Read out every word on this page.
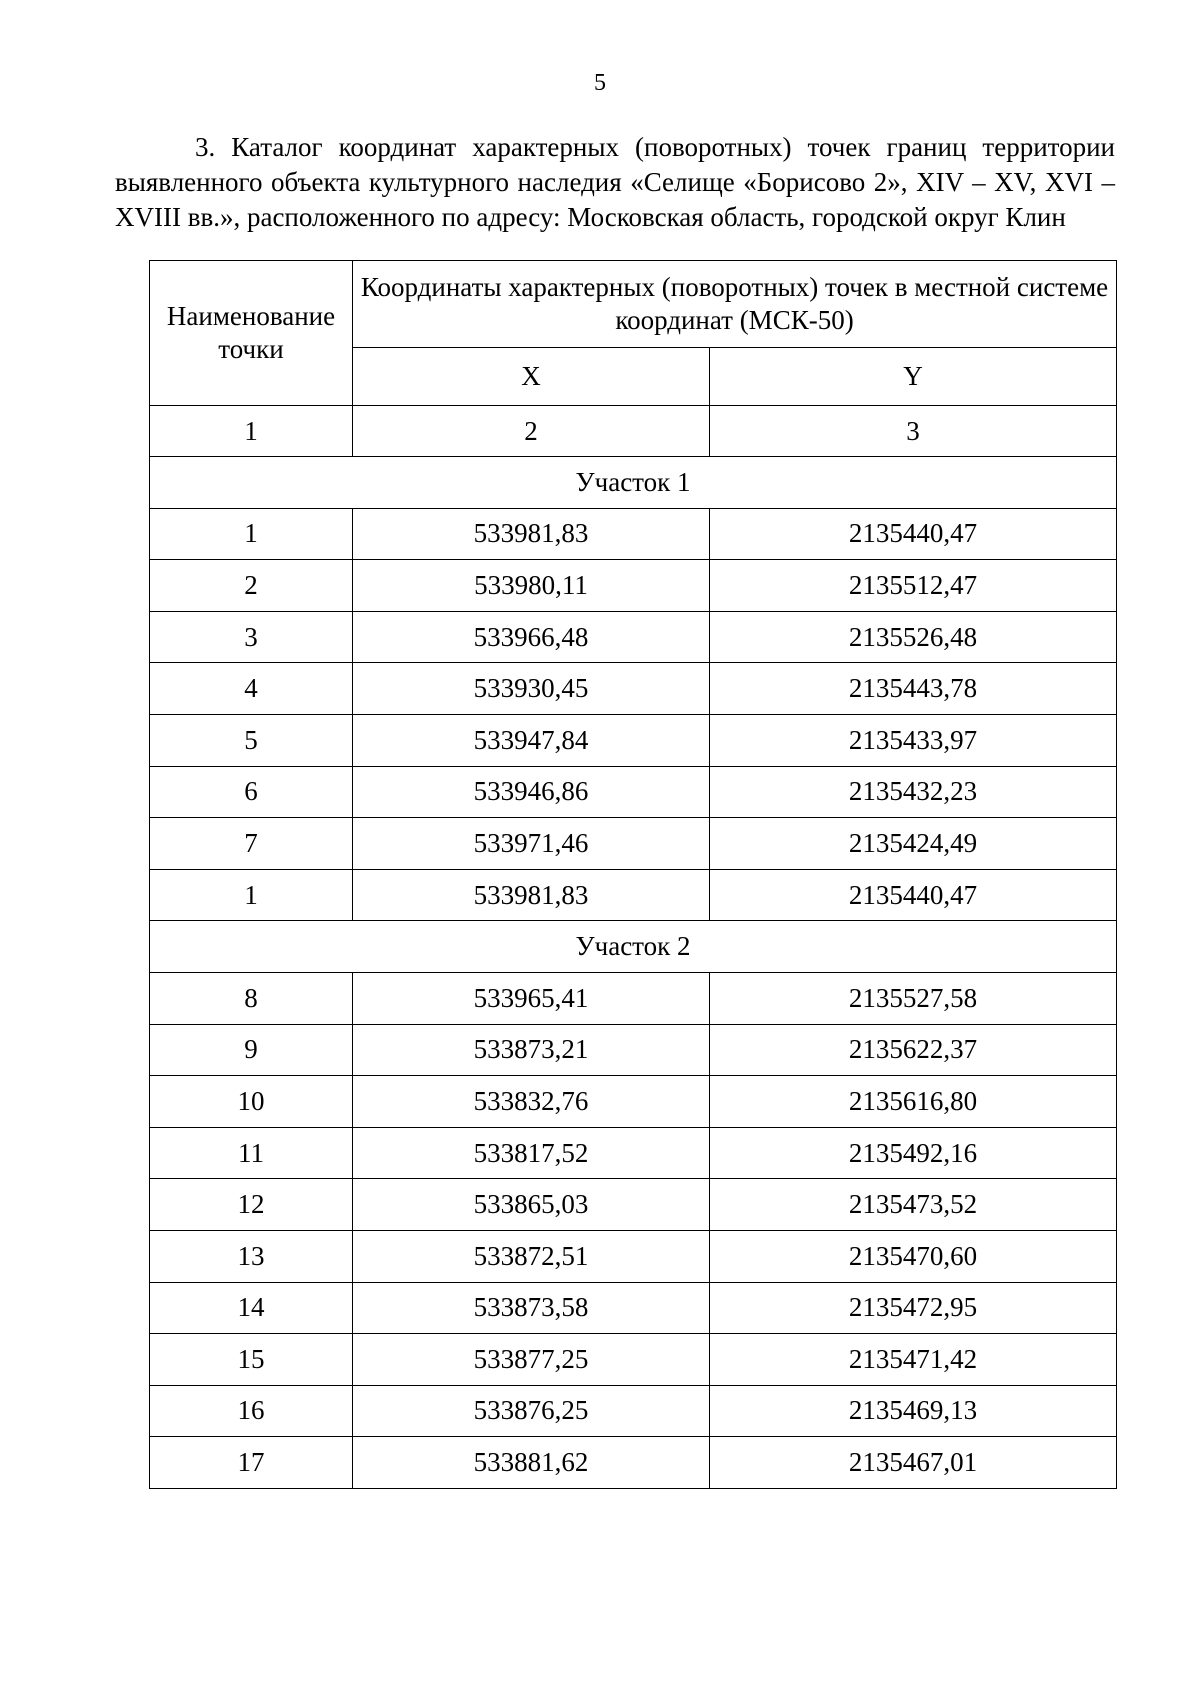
5
3. Каталог координат характерных (поворотных) точек границ территории выявленного объекта культурного наследия «Селище «Борисово 2», XIV – XV, XVI – XVIII вв.», расположенного по адресу: Московская область, городской округ Клин
Наименование точки	Координаты характерных (поворотных) точек в местной системе координат (МСК-50)	

	X	Y
1	2	3
Участок 1		
1	533981,83	2135440,47
2	533980,11	2135512,47
3	533966,48	2135526,48
4	533930,45	2135443,78
5	533947,84	2135433,97
6	533946,86	2135432,23
7	533971,46	2135424,49
1	533981,83	2135440,47
Участок 2		
8	533965,41	2135527,58
9	533873,21	2135622,37
10	533832,76	2135616,80
11	533817,52	2135492,16
12	533865,03	2135473,52
13	533872,51	2135470,60
14	533873,58	2135472,95
15	533877,25	2135471,42
16	533876,25	2135469,13
17	533881,62	2135467,01
